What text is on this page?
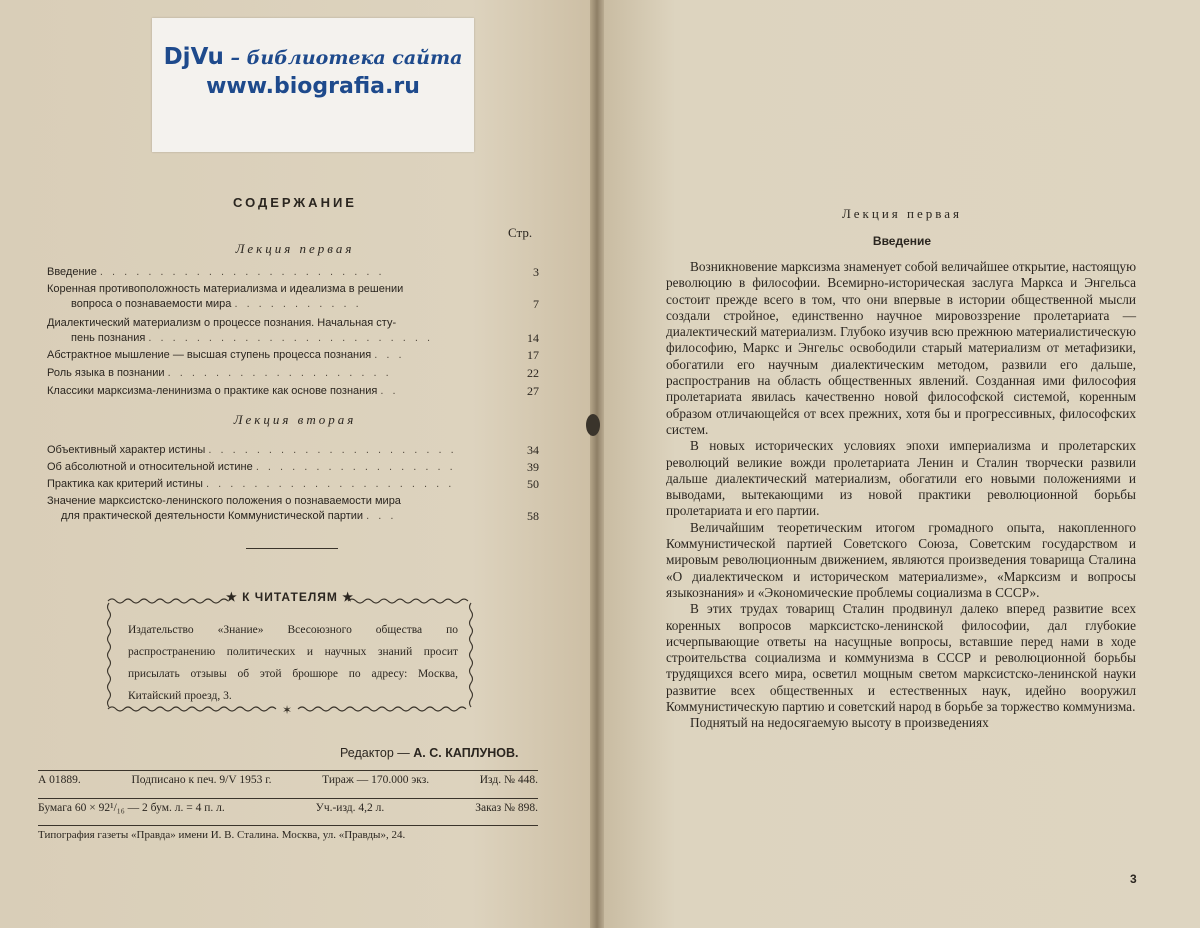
DjVu – библиотека сайта
www.biografia.ru
СОДЕРЖАНИЕ
Стр.
Лекция первая
Введение . . . . . . . . . . . . . . . . . . . . . . . .	3
Коренная противоположность материализма и идеализма в решении
вопроса о познаваемости мира . . . . . . . . . . .	7
Диалектический материализм о процессе познания. Начальная сту-
пень познания . . . . . . . . . . . . . . . . . . . . . . . .	14
Абстрактное мышление — высшая ступень процесса познания . . .	17
Роль языка в познании . . . . . . . . . . . . . . . . . . .	22
Классики марксизма-ленинизма о практике как основе познания . .	27
Лекция вторая
Объективный характер истины . . . . . . . . . . . . . . . . . . . . .	34
Об абсолютной и относительной истине . . . . . . . . . . . . . . . . .	39
Практика как критерий истины . . . . . . . . . . . . . . . . . . . . .	50
Значение марксистско-ленинского положения о познаваемости мира
для практической деятельности Коммунистической партии . . .	58
✶
★ К ЧИТАТЕЛЯМ ★
Издательство «Знание» Всесоюзного общества по распространению политических и научных знаний просит присылать отзывы об этой брошюре по адресу: Москва, Китайский проезд, 3.
Редактор — А. С. КАПЛУНОВ.
А 01889.	Подписано к печ. 9/V 1953 г.	Тираж — 170.000 экз.	Изд. № 448.
Бумага 60 × 92¹/₁₆ — 2 бум. л. = 4 п. л.	Уч.-изд. 4,2 л.	Заказ № 898.
Типография газеты «Правда» имени И. В. Сталина. Москва, ул. «Правды», 24.
Лекция первая
Введение

Возникновение марксизма знаменует собой величайшее открытие, настоящую революцию в философии. Всемирно-историческая заслуга Маркса и Энгельса состоит прежде всего в том, что они впервые в истории общественной мысли создали стройное, единственно научное мировоззрение пролетариата — диалектический материализм. Глубоко изучив всю прежнюю материалистическую философию, Маркс и Энгельс освободили старый материализм от метафизики, обогатили его научным диалектическим методом, развили его дальше, распространив на область общественных явлений. Созданная ими философия пролетариата явилась качественно новой философской системой, коренным образом отличающейся от всех прежних, хотя бы и прогрессивных, философских систем.

В новых исторических условиях эпохи империализма и пролетарских революций великие вожди пролетариата Ленин и Сталин творчески развили дальше диалектический материализм, обогатили его новыми положениями и выводами, вытекающими из новой практики революционной борьбы пролетариата и его партии.

Величайшим теоретическим итогом громадного опыта, накопленного Коммунистической партией Советского Союза, Советским государством и мировым революционным движением, являются произведения товарища Сталина «О диалектическом и историческом материализме», «Марксизм и вопросы языкознания» и «Экономические проблемы социализма в СССР».

В этих трудах товарищ Сталин продвинул далеко вперед развитие всех коренных вопросов марксистско-ленинской философии, дал глубокие исчерпывающие ответы на насущные вопросы, вставшие перед нами в ходе строительства социализма и коммунизма в СССР и революционной борьбы трудящихся всего мира, осветил мощным светом марксистско-ленинской науки развитие всех общественных и естественных наук, идейно вооружил Коммунистическую партию и советский народ в борьбе за торжество коммунизма.

Поднятый на недосягаемую высоту в произведениях

3
